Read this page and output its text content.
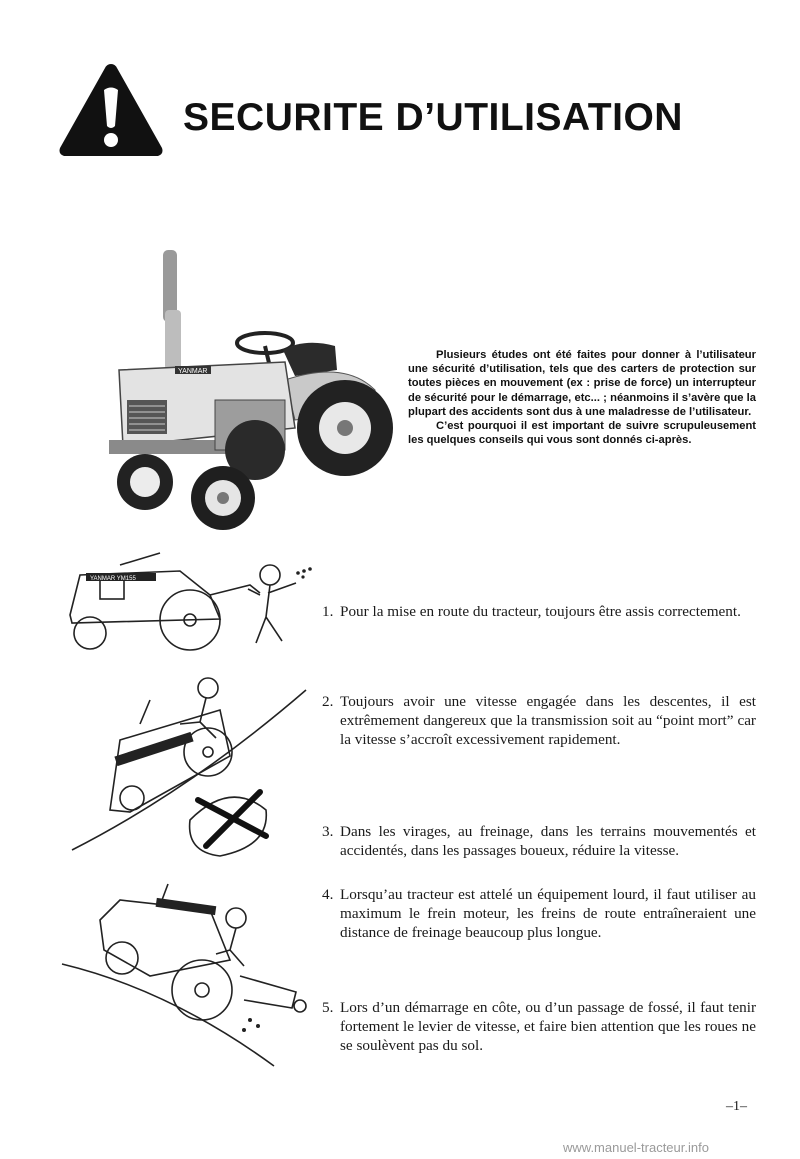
SECURITE D’UTILISATION
YANMAR

Plusieurs études ont été faites pour donner à l’utilisateur une sécurité d’utilisation, tels que des carters de protection sur toutes pièces en mouvement (ex : prise de force) un interrupteur de sécurité pour le démarrage, etc... ; néanmoins il s’avère que la plupart des accidents sont dus à une maladresse de l’utilisateur.

C’est pourquoi il est important de suivre scrupuleusement les quelques conseils qui vous sont donnés ci-après.

YANMAR YM155
1. Pour la mise en route du tracteur, toujours être assis correctement.
2. Toujours avoir une vitesse engagée dans les descentes, il est extrêmement dangereux que la transmission soit au “point mort” car la vitesse s’accroît excessivement rapidement.
3. Dans les virages, au freinage, dans les terrains mouvementés et accidentés, dans les passages boueux, réduire la vitesse.
4. Lorsqu’au tracteur est attelé un équipement lourd, il faut utiliser au maximum le frein moteur, les freins de route entraîneraient une distance de freinage beaucoup plus longue.
5. Lors d’un démarrage en côte, ou d’un passage de fossé, il faut tenir fortement le levier de vitesse, et faire bien attention que les roues ne se soulèvent pas du sol.
–1–
www.manuel-tracteur.info
